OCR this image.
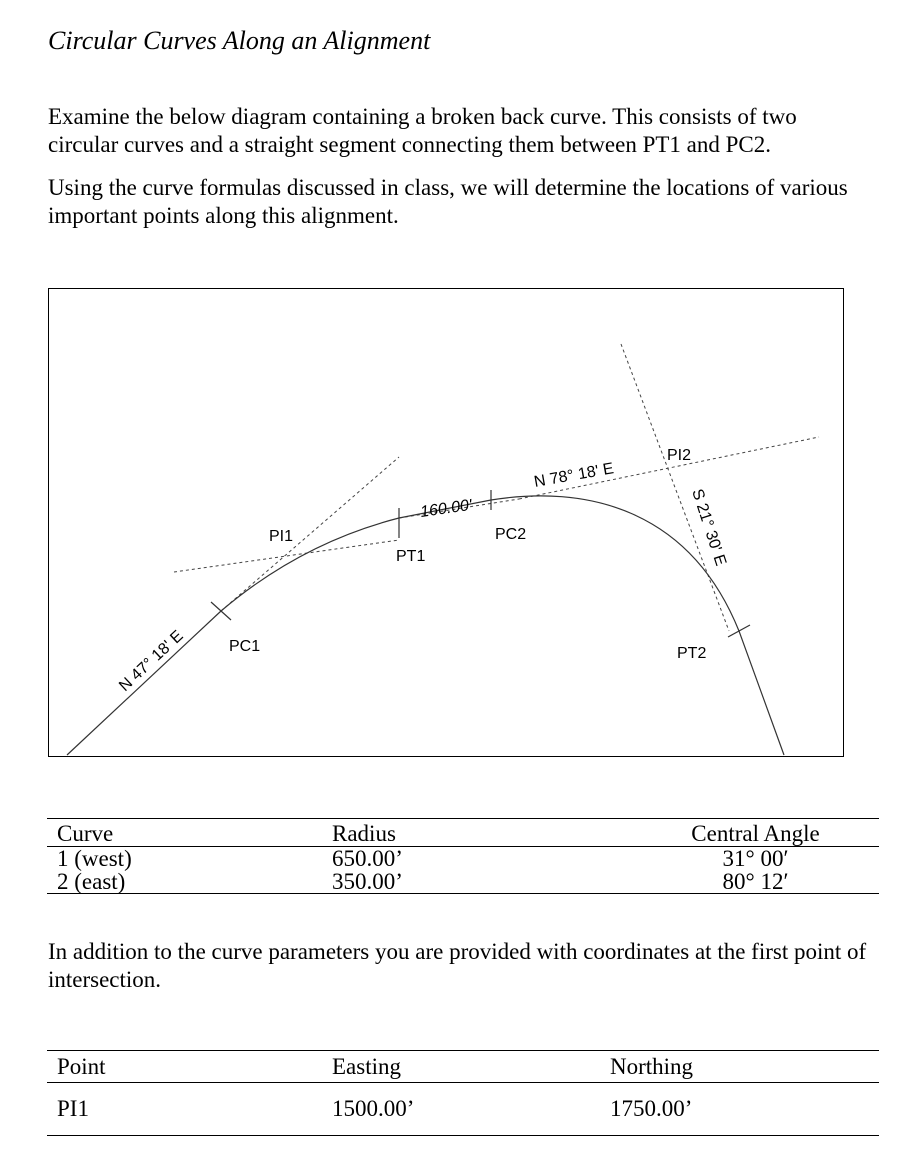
Circular Curves Along an Alignment
Examine the below diagram containing a broken back curve. This consists of two circular curves and a straight segment connecting them between PT1 and PC2.
Using the curve formulas discussed in class, we will determine the locations of various important points along this alignment.
PI1
PC1
PT1
PC2
PI2
PT2
160.00'
N 47° 18' E
N 78° 18' E
S 21° 30' E
Curve	Radius	Central Angle
1 (west)	650.00’	31° 00′
2 (east)	350.00’	80° 12′
In addition to the curve parameters you are provided with coordinates at the first point of intersection.
Point	Easting	Northing
PI1	1500.00’	1750.00’
